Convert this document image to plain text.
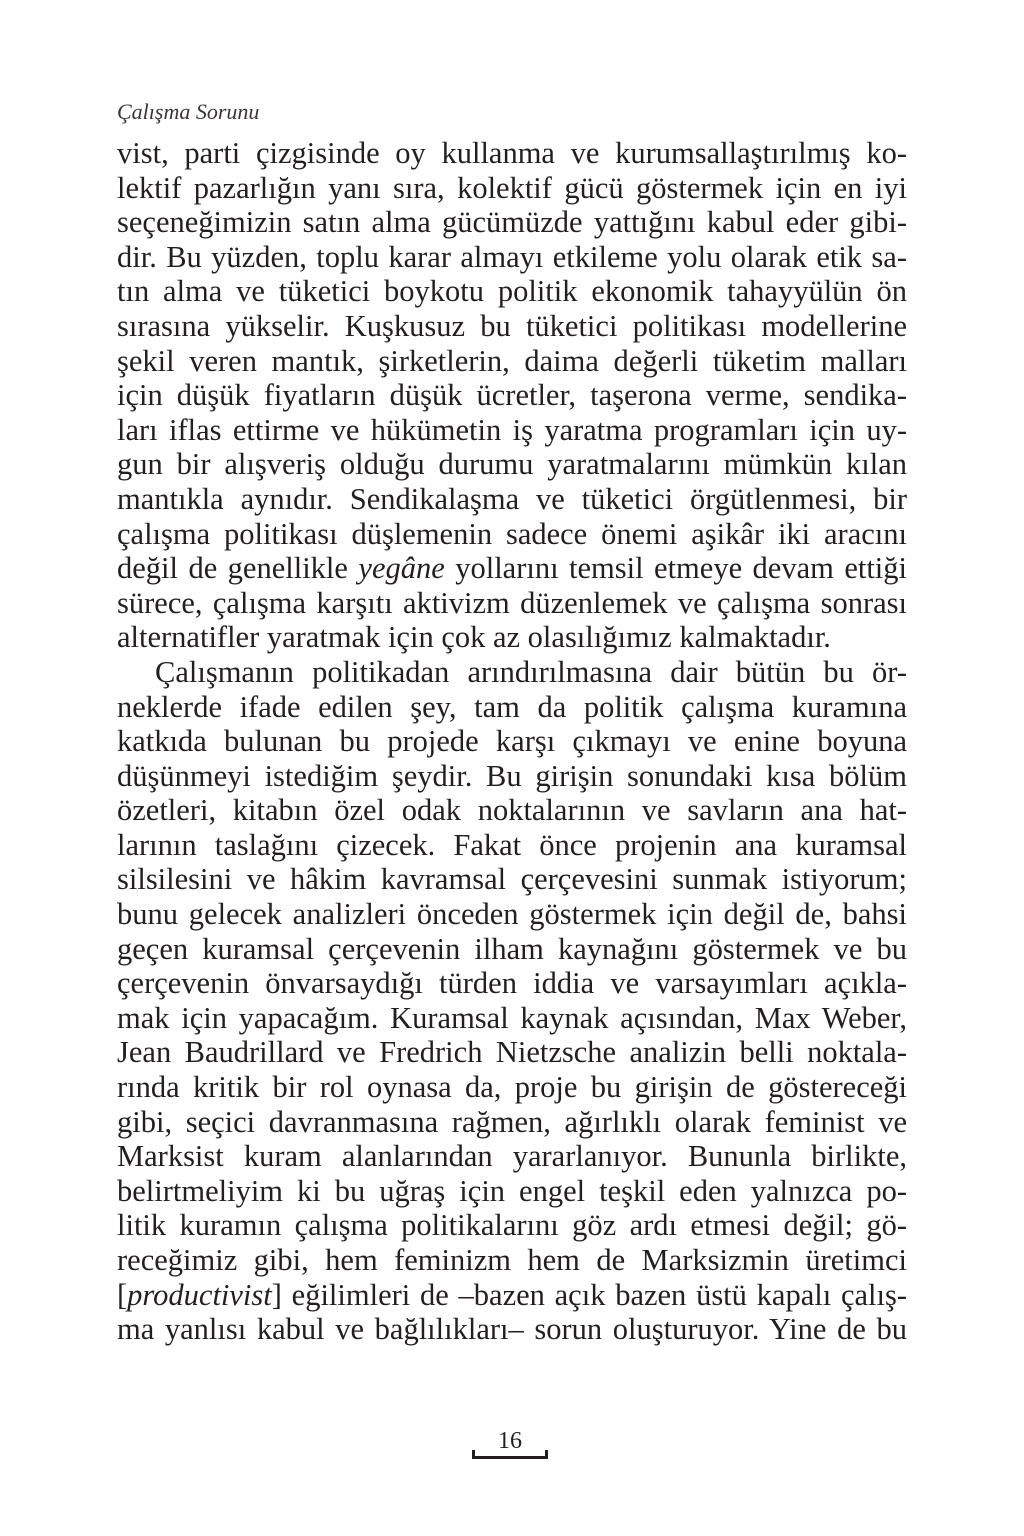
Çalışma Sorunu
vist, parti çizgisinde oy kullanma ve kurumsallaştırılmış ko-
lektif pazarlığın yanı sıra, kolektif gücü göstermek için en iyi
seçeneğimizin satın alma gücümüzde yattığını kabul eder gibi-
dir. Bu yüzden, toplu karar almayı etkileme yolu olarak etik sa-
tın alma ve tüketici boykotu politik ekonomik tahayyülün ön
sırasına yükselir. Kuşkusuz bu tüketici politikası modellerine
şekil veren mantık, şirketlerin, daima değerli tüketim malları
için düşük fiyatların düşük ücretler, taşerona verme, sendika-
ları iflas ettirme ve hükümetin iş yaratma programları için uy-
gun bir alışveriş olduğu durumu yaratmalarını mümkün kılan
mantıkla aynıdır. Sendikalaşma ve tüketici örgütlenmesi, bir
çalışma politikası düşlemenin sadece önemi aşikâr iki aracını
değil de genellikle yegâne yollarını temsil etmeye devam ettiği
sürece, çalışma karşıtı aktivizm düzenlemek ve çalışma sonrası
alternatifler yaratmak için çok az olasılığımız kalmaktadır.
Çalışmanın politikadan arındırılmasına dair bütün bu ör-
neklerde ifade edilen şey, tam da politik çalışma kuramına
katkıda bulunan bu projede karşı çıkmayı ve enine boyuna
düşünmeyi istediğim şeydir. Bu girişin sonundaki kısa bölüm
özetleri, kitabın özel odak noktalarının ve savların ana hat-
larının taslağını çizecek. Fakat önce projenin ana kuramsal
silsilesini ve hâkim kavramsal çerçevesini sunmak istiyorum;
bunu gelecek analizleri önceden göstermek için değil de, bahsi
geçen kuramsal çerçevenin ilham kaynağını göstermek ve bu
çerçevenin önvarsaydığı türden iddia ve varsayımları açıkla-
mak için yapacağım. Kuramsal kaynak açısından, Max Weber,
Jean Baudrillard ve Fredrich Nietzsche analizin belli noktala-
rında kritik bir rol oynasa da, proje bu girişin de göstereceği
gibi, seçici davranmasına rağmen, ağırlıklı olarak feminist ve
Marksist kuram alanlarından yararlanıyor. Bununla birlikte,
belirtmeliyim ki bu uğraş için engel teşkil eden yalnızca po-
litik kuramın çalışma politikalarını göz ardı etmesi değil; gö-
receğimiz gibi, hem feminizm hem de Marksizmin üretimci
[productivist] eğilimleri de –bazen açık bazen üstü kapalı çalış-
ma yanlısı kabul ve bağlılıkları– sorun oluşturuyor. Yine de bu
16
